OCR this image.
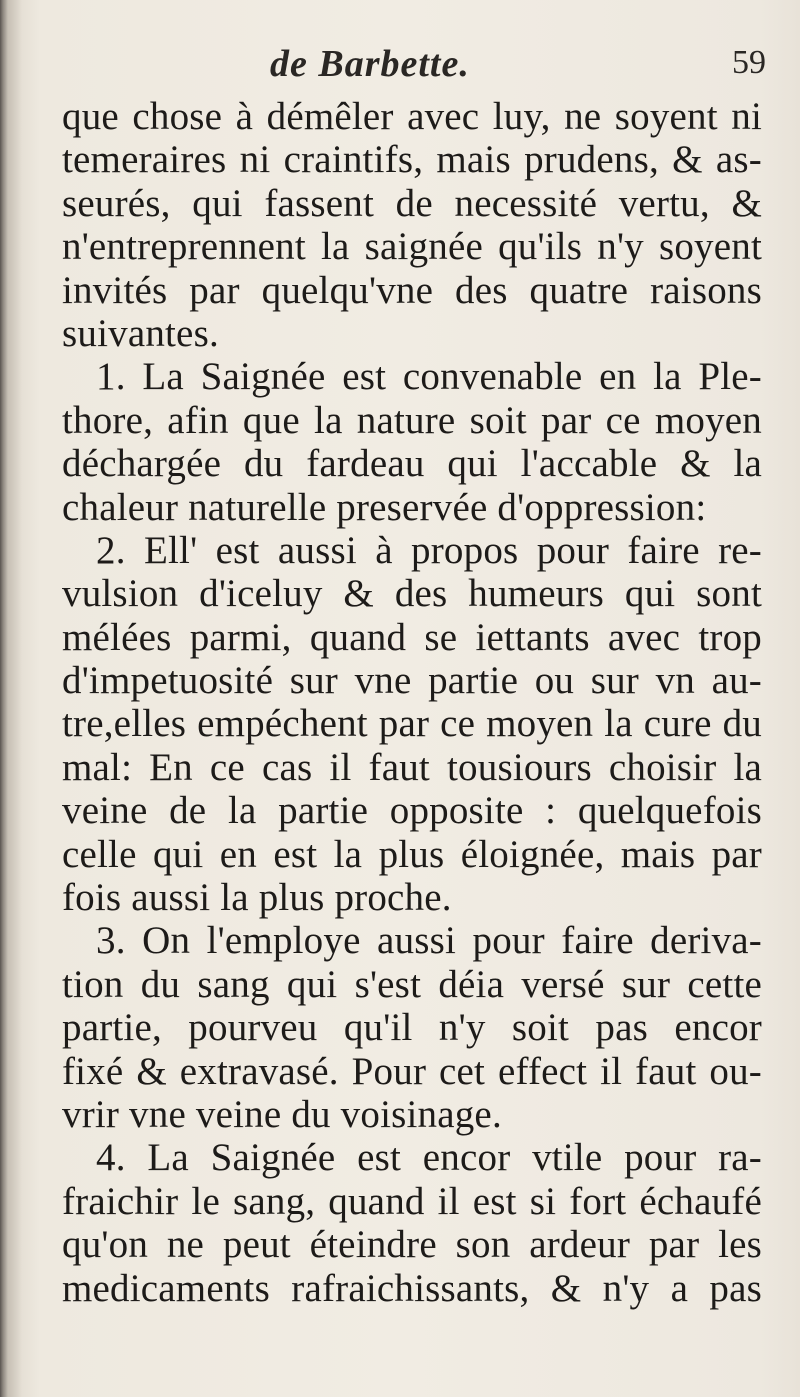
de Barbette.	59
que chose à démêler avec luy, ne soyent ni
temeraires ni craintifs, mais prudens, & as-
seurés, qui fassent de necessité vertu, &
n'entreprennent la saignée qu'ils n'y soyent
invités par quelqu'vne des quatre raisons
suivantes.
1. La Saignée est convenable en la Ple-
thore, afin que la nature soit par ce moyen
déchargée du fardeau qui l'accable & la
chaleur naturelle preservée d'oppression:
2. Ell' est aussi à propos pour faire re-
vulsion d'iceluy & des humeurs qui sont
mélées parmi, quand se iettants avec trop
d'impetuosité sur vne partie ou sur vn au-
tre,elles empéchent par ce moyen la cure du
mal: En ce cas il faut tousiours choisir la
veine de la partie opposite : quelquefois
celle qui en est la plus éloignée, mais par
fois aussi la plus proche.
3. On l'employe aussi pour faire deriva-
tion du sang qui s'est déia versé sur cette
partie, pourveu qu'il n'y soit pas encor
fixé & extravasé. Pour cet effect il faut ou-
vrir vne veine du voisinage.
4. La Saignée est encor vtile pour ra-
fraichir le sang, quand il est si fort échaufé
qu'on ne peut éteindre son ardeur par les
medicaments rafraichissants, & n'y a pas
